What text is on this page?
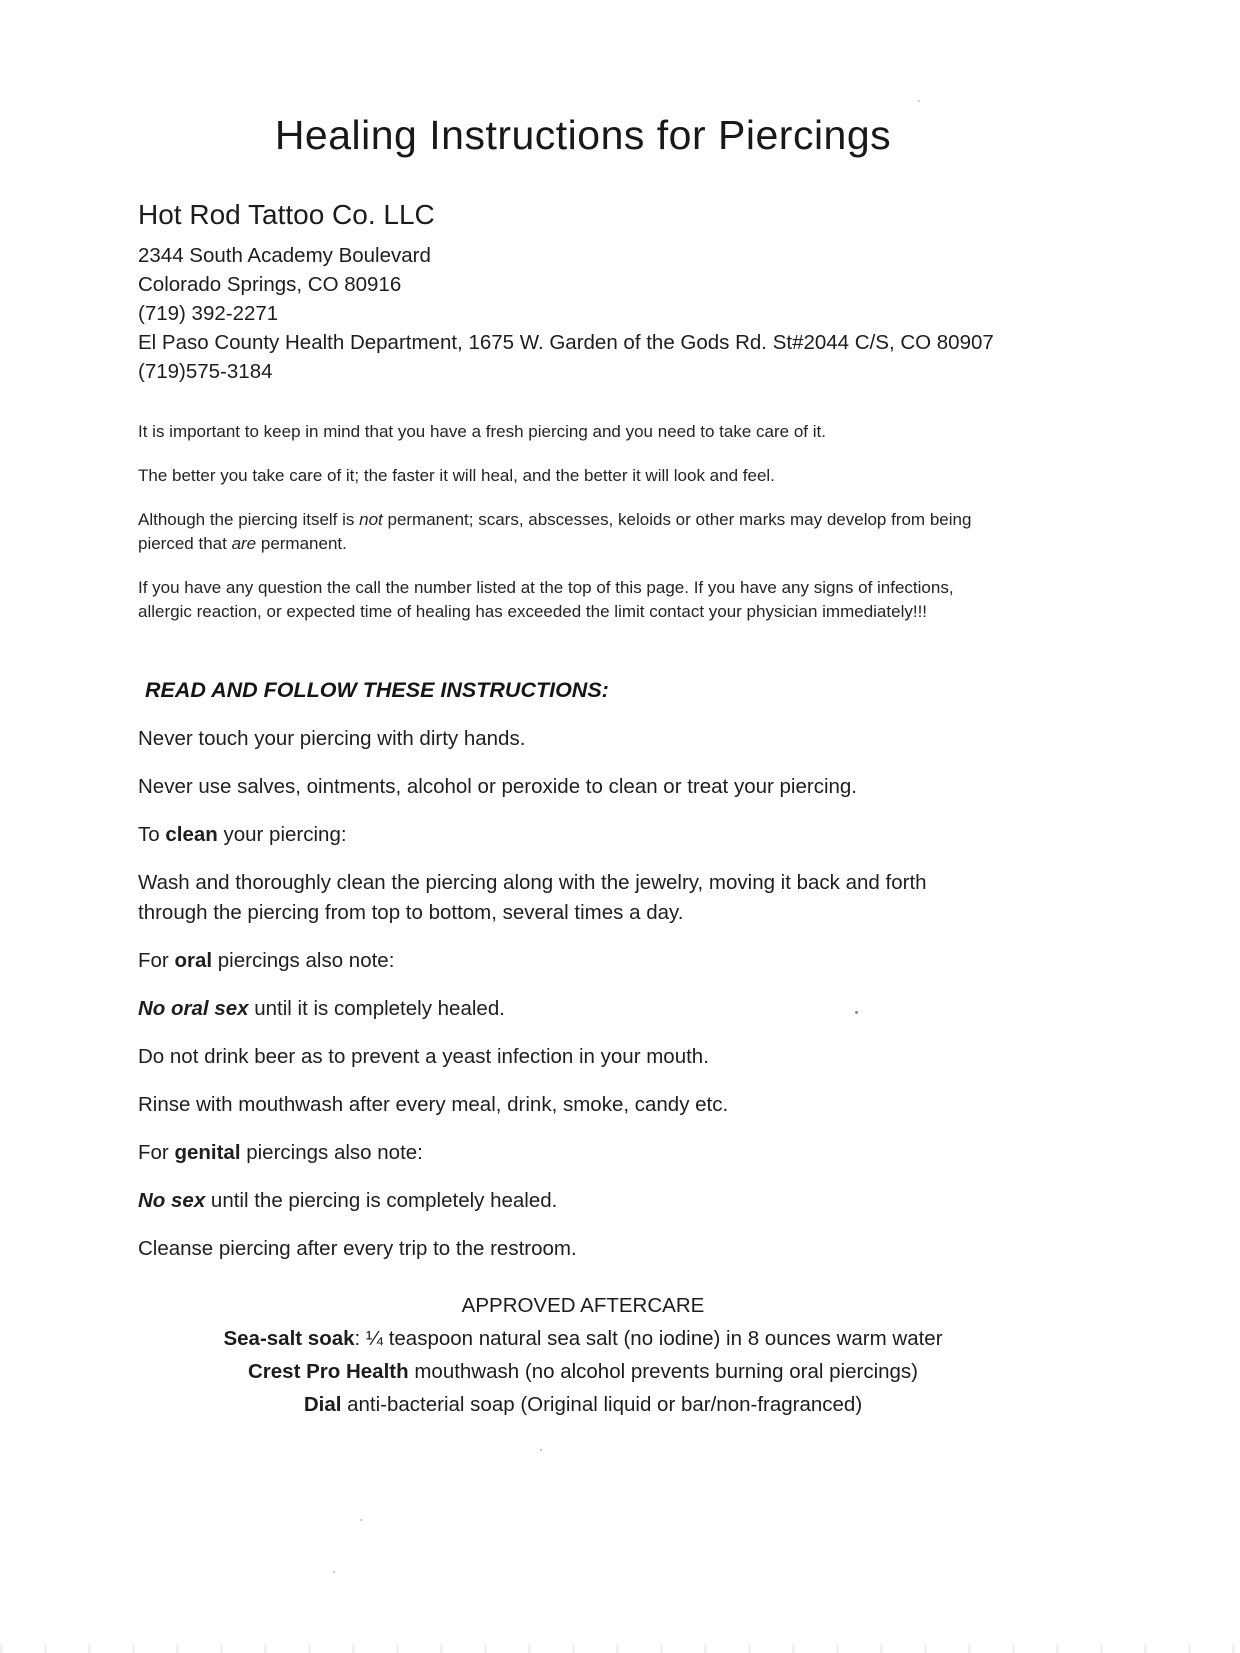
Healing Instructions for Piercings
Hot Rod Tattoo Co. LLC

2344 South Academy Boulevard

Colorado Springs, CO 80916

(719) 392-2271

El Paso County Health Department, 1675 W. Garden of the Gods Rd. St#2044 C/S, CO 80907

(719)575-3184

It is important to keep in mind that you have a fresh piercing and you need to take care of it.

The better you take care of it; the faster it will heal, and the better it will look and feel.

Although the piercing itself is not permanent; scars, abscesses, keloids or other marks may develop from being
pierced that are permanent.

If you have any question the call the number listed at the top of this page. If you have any signs of infections,
allergic reaction, or expected time of healing has exceeded the limit contact your physician immediately!!!

READ AND FOLLOW THESE INSTRUCTIONS:

Never touch your piercing with dirty hands.

Never use salves, ointments, alcohol or peroxide to clean or treat your piercing.

To clean your piercing:

Wash and thoroughly clean the piercing along with the jewelry, moving it back and forth
through the piercing from top to bottom, several times a day.

For oral piercings also note:

No oral sex until it is completely healed.

Do not drink beer as to prevent a yeast infection in your mouth.

Rinse with mouthwash after every meal, drink, smoke, candy etc.

For genital piercings also note:

No sex until the piercing is completely healed.

Cleanse piercing after every trip to the restroom.

APPROVED AFTERCARE

Sea-salt soak: ¼ teaspoon natural sea salt (no iodine) in 8 ounces warm water

Crest Pro Health mouthwash (no alcohol prevents burning oral piercings)

Dial anti-bacterial soap (Original liquid or bar/non-fragranced)
